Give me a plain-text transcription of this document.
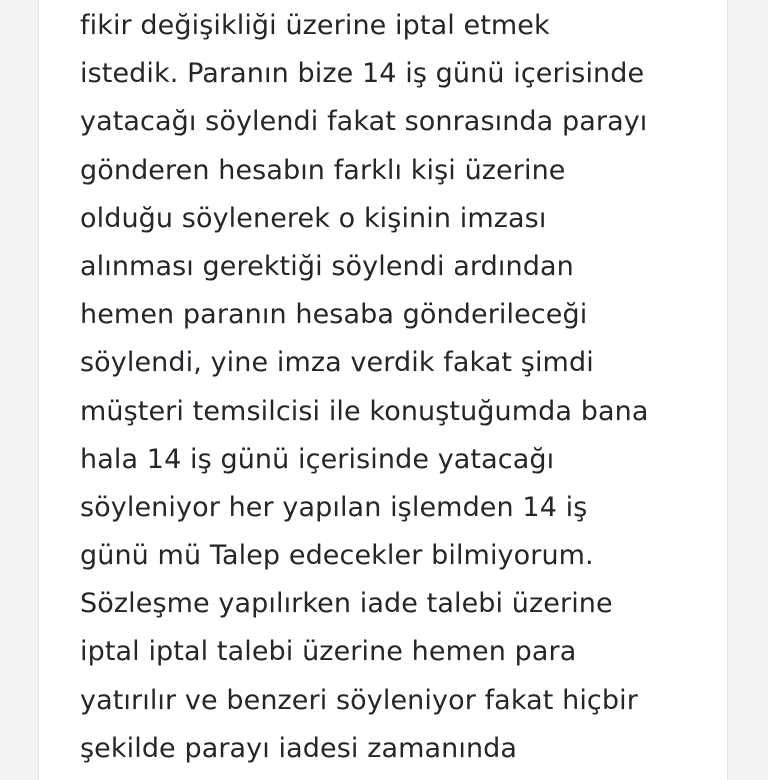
fikir değişikliği üzerine iptal etmek
istedik. Paranın bize 14 iş günü içerisinde
yatacağı söylendi fakat sonrasında parayı
gönderen hesabın farklı kişi üzerine
olduğu söylenerek o kişinin imzası
alınması gerektiği söylendi ardından
hemen paranın hesaba gönderileceği
söylendi, yine imza verdik fakat şimdi
müşteri temsilcisi ile konuştuğumda bana
hala 14 iş günü içerisinde yatacağı
söyleniyor her yapılan işlemden 14 iş
günü mü Talep edecekler bilmiyorum.
Sözleşme yapılırken iade talebi üzerine
iptal iptal talebi üzerine hemen para
yatırılır ve benzeri söyleniyor fakat hiçbir
şekilde parayı iadesi zamanında
